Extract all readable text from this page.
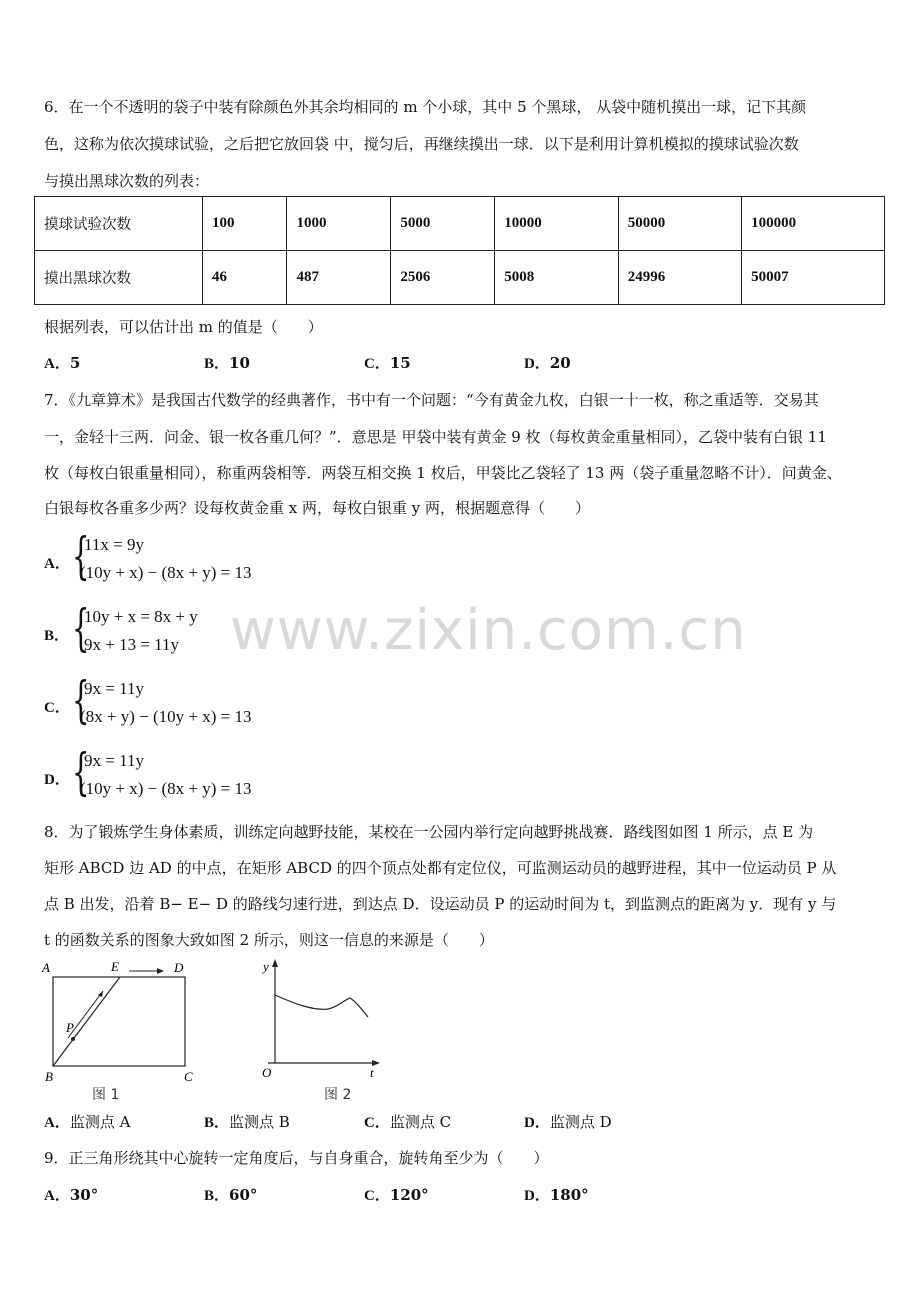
www.zixin.com.cn
6．在一个不透明的袋子中装有除颜色外其余均相同的 m 个小球，其中 5 个黑球， 从袋中随机摸出一球，记下其颜
色，这称为依次摸球试验，之后把它放回袋 中，搅匀后，再继续摸出一球．以下是利用计算机模拟的摸球试验次数
与摸出黑球次数的列表：
摸球试验次数	100	1000	5000	10000	50000	100000
摸出黑球次数	46	487	2506	5008	24996	50007
根据列表，可以估计出 m 的值是（　　）
A．5	B．10	C．15	D．20
7．《九章算术》是我国古代数学的经典著作，书中有一个问题：“今有黄金九枚，白银一十一枚，称之重适等．交易其
一，金轻十三两．问金、银一枚各重几何？”．意思是 甲袋中装有黄金 9 枚（每枚黄金重量相同），乙袋中装有白银 11
枚（每枚白银重量相同），称重两袋相等．两袋互相交换 1 枚后，甲袋比乙袋轻了 13 两（袋子重量忽略不计）．问黄金、
白银每枚各重多少两？设每枚黄金重 x 两，每枚白银重 y 两，根据题意得（　　）
A． {
11x = 9y
(10y + x) − (8x + y) = 13
B． {
10y + x = 8x + y
9x + 13 = 11y
C． {
9x = 11y
(8x + y) − (10y + x) = 13
D． {
9x = 11y
(10y + x) − (8x + y) = 13
8．为了锻炼学生身体素质，训练定向越野技能，某校在一公园内举行定向越野挑战赛．路线图如图 1 所示，点 E 为
矩形 ABCD 边 AD 的中点，在矩形 ABCD 的四个顶点处都有定位仪，可监测运动员的越野进程，其中一位运动员 P 从
点 B 出发，沿着 B− E− D 的路线匀速行进，到达点 D．设运动员 P 的运动时间为 t，到监测点的距离为 y．现有 y 与
t 的函数关系的图象大致如图 2 所示，则这一信息的来源是（　　）
A	E	D
B	C
P
图 1
y
t
O
图 2
A．监测点 A	B．监测点 B	C．监测点 C	D．监测点 D
9．正三角形绕其中心旋转一定角度后，与自身重合，旋转角至少为（　　）
A．30°	B．60°	C．120°	D．180°
